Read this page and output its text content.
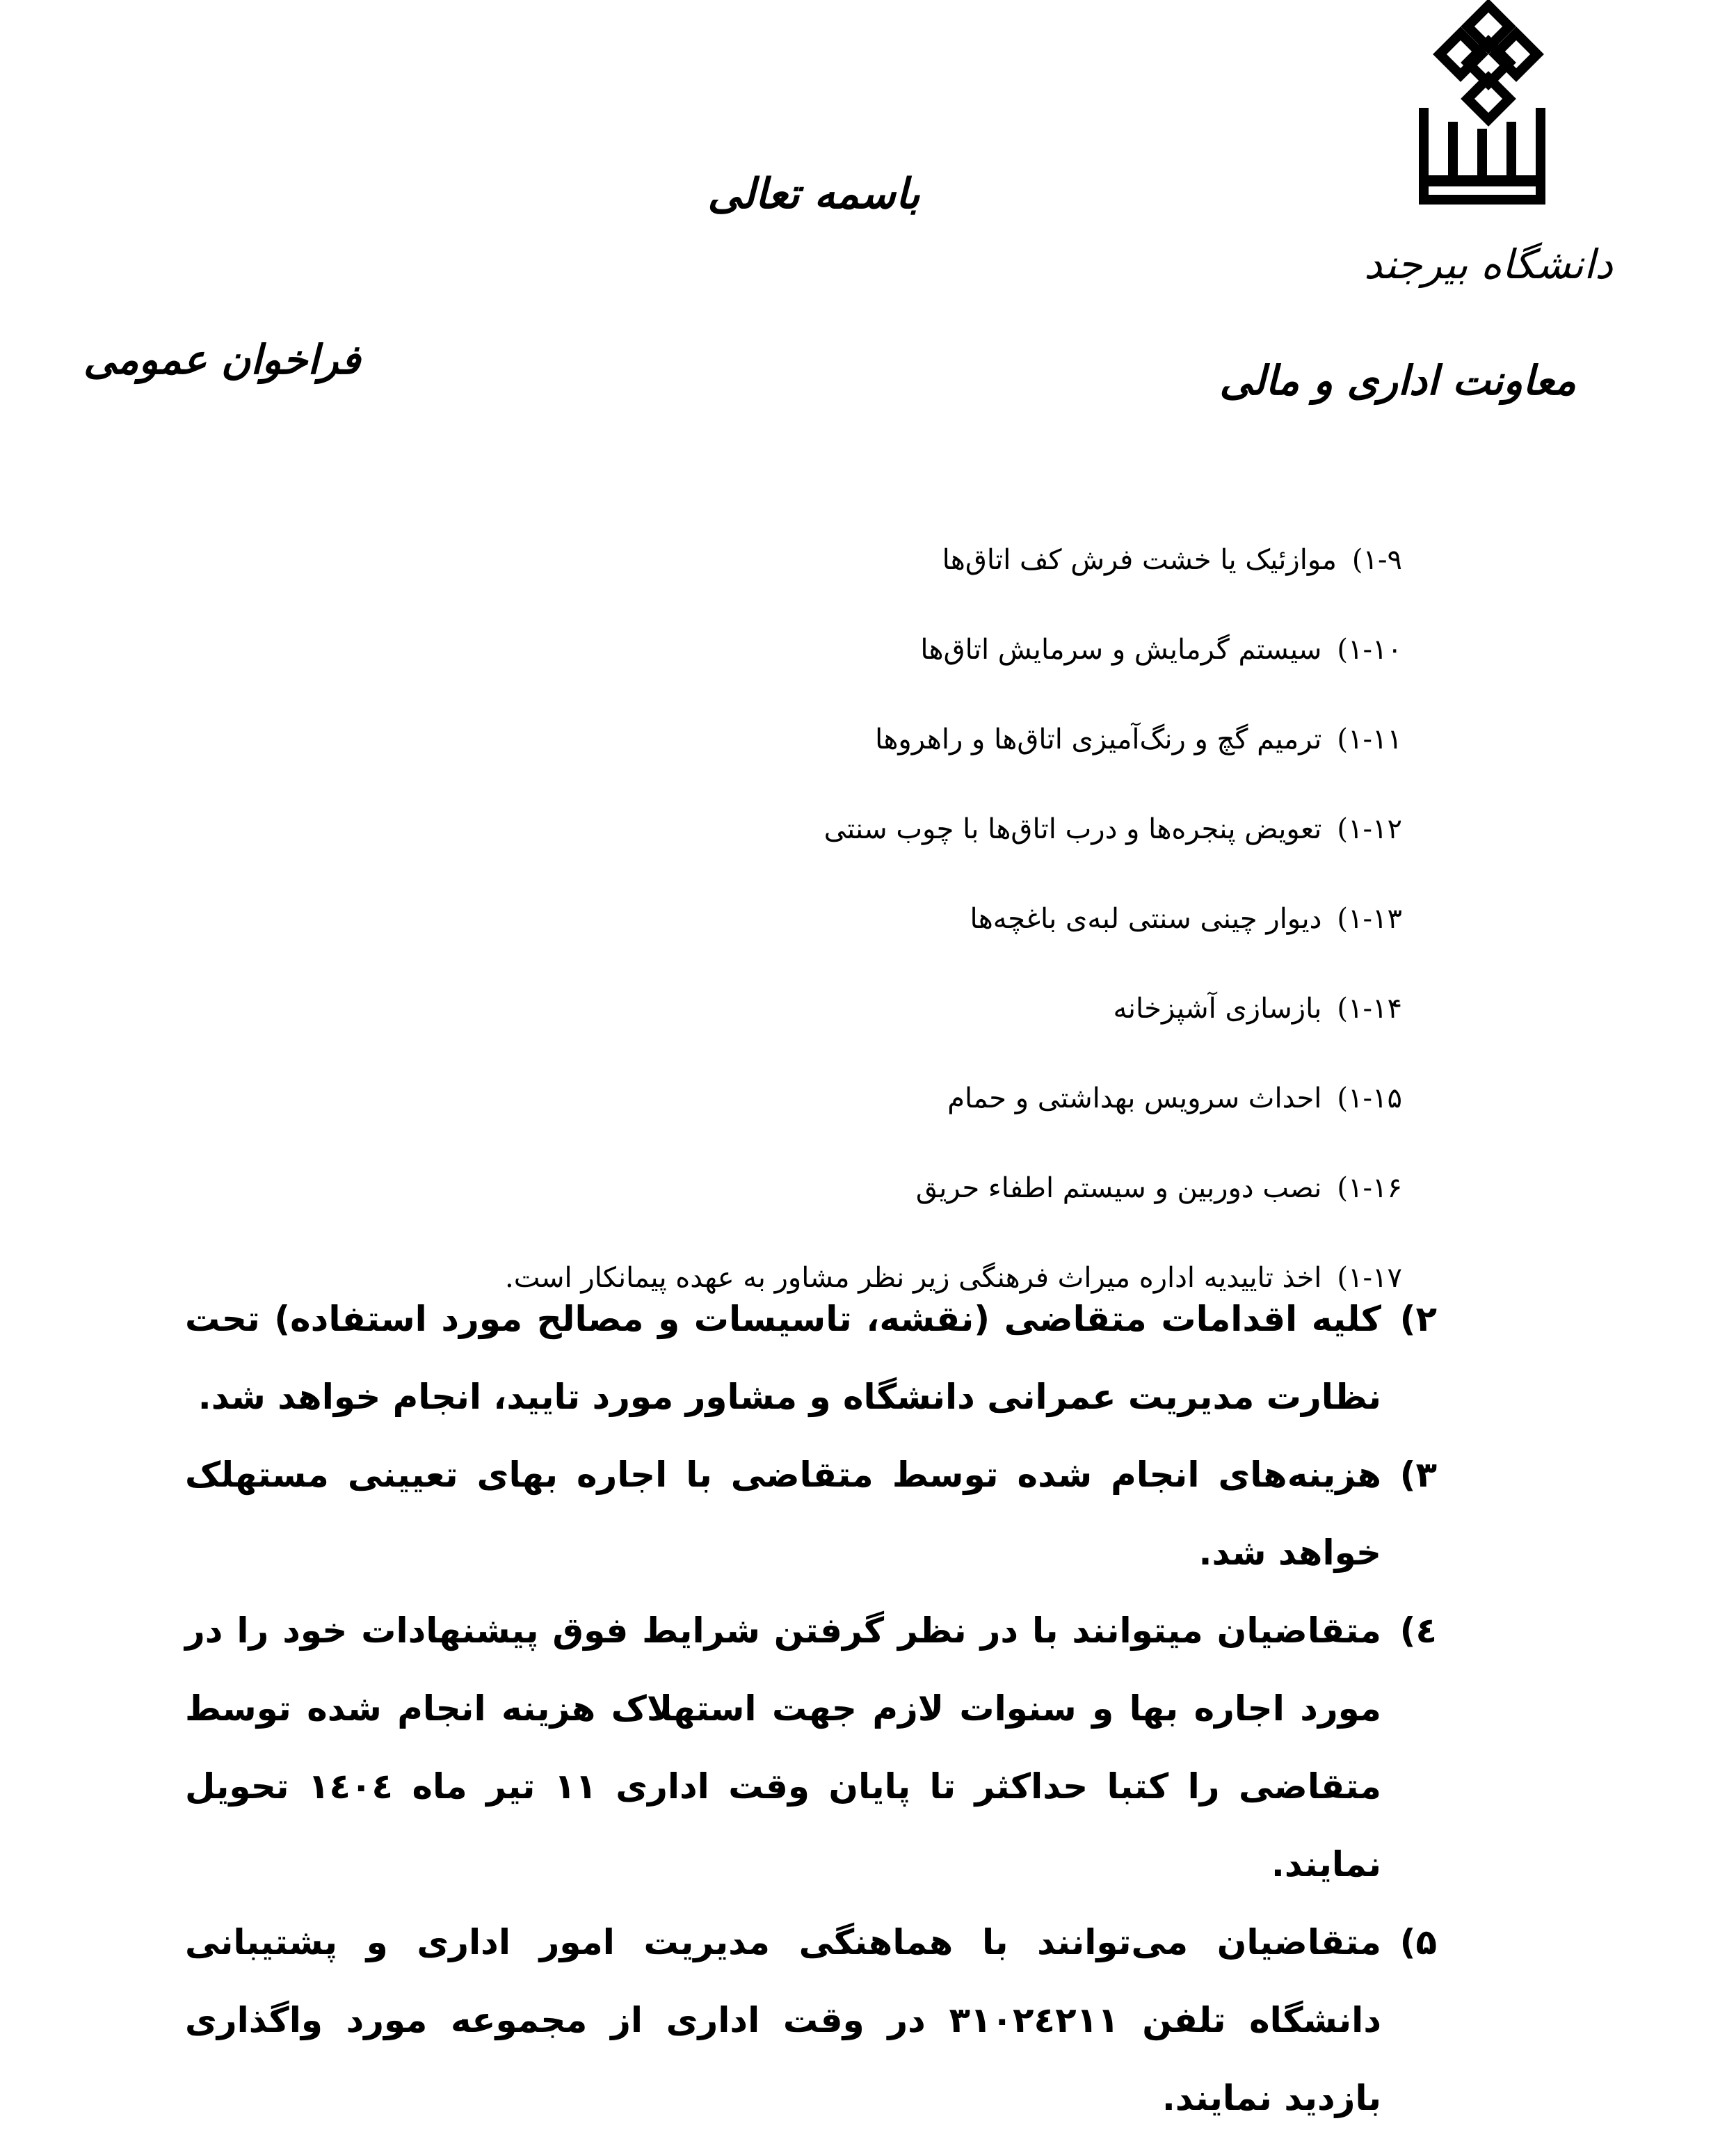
دانشگاه بیرجند
باسمه تعالی
معاونت اداری و مالی
فراخوان عمومی
۱-۹)
موازئیک یا خشت فرش کف اتاق‌ها
۱-۱۰)
سیستم گرمایش و سرمایش اتاق‌ها
۱-۱۱)
ترمیم گچ و رنگ‌آمیزی اتاق‌ها و راهروها
۱-۱۲)
تعویض پنجره‌ها و درب اتاق‌ها با چوب سنتی
۱-۱۳)
دیوار چینی سنتی لبه‌ی باغچه‌ها
۱-۱۴)
بازسازی آشپزخانه
۱-۱۵)
احداث سرویس بهداشتی و حمام
۱-۱۶)
نصب دوربین و سیستم اطفاء حریق
۱-۱۷)
اخذ تاییدیه اداره میراث فرهنگی زیر نظر مشاور به عهده پیمانکار است.
۲)
کلیه اقدامات متقاضی (نقشه، تاسیسات و مصالح مورد استفاده) تحت نظارت مدیریت عمرانی دانشگاه و مشاور مورد تایید، انجام خواهد شد.
۳)
هزینه‌های انجام شده توسط متقاضی با اجاره بهای تعیینی مستهلک خواهد شد.
٤)
متقاضیان میتوانند با در نظر گرفتن شرایط فوق پیشنهادات خود را در مورد اجاره بها و سنوات لازم جهت استهلاک هزینه انجام شده توسط متقاضی را کتبا حداکثر تا پایان وقت اداری ۱۱ تیر ماه ۱٤۰٤ تحویل نمایند.
۵)
متقاضیان می‌توانند با هماهنگی مدیریت امور اداری و پشتیبانی دانشگاه تلفن ۳۱۰۲٤۲۱۱ در وقت اداری از مجموعه مورد واگذاری بازدید نمایند.
